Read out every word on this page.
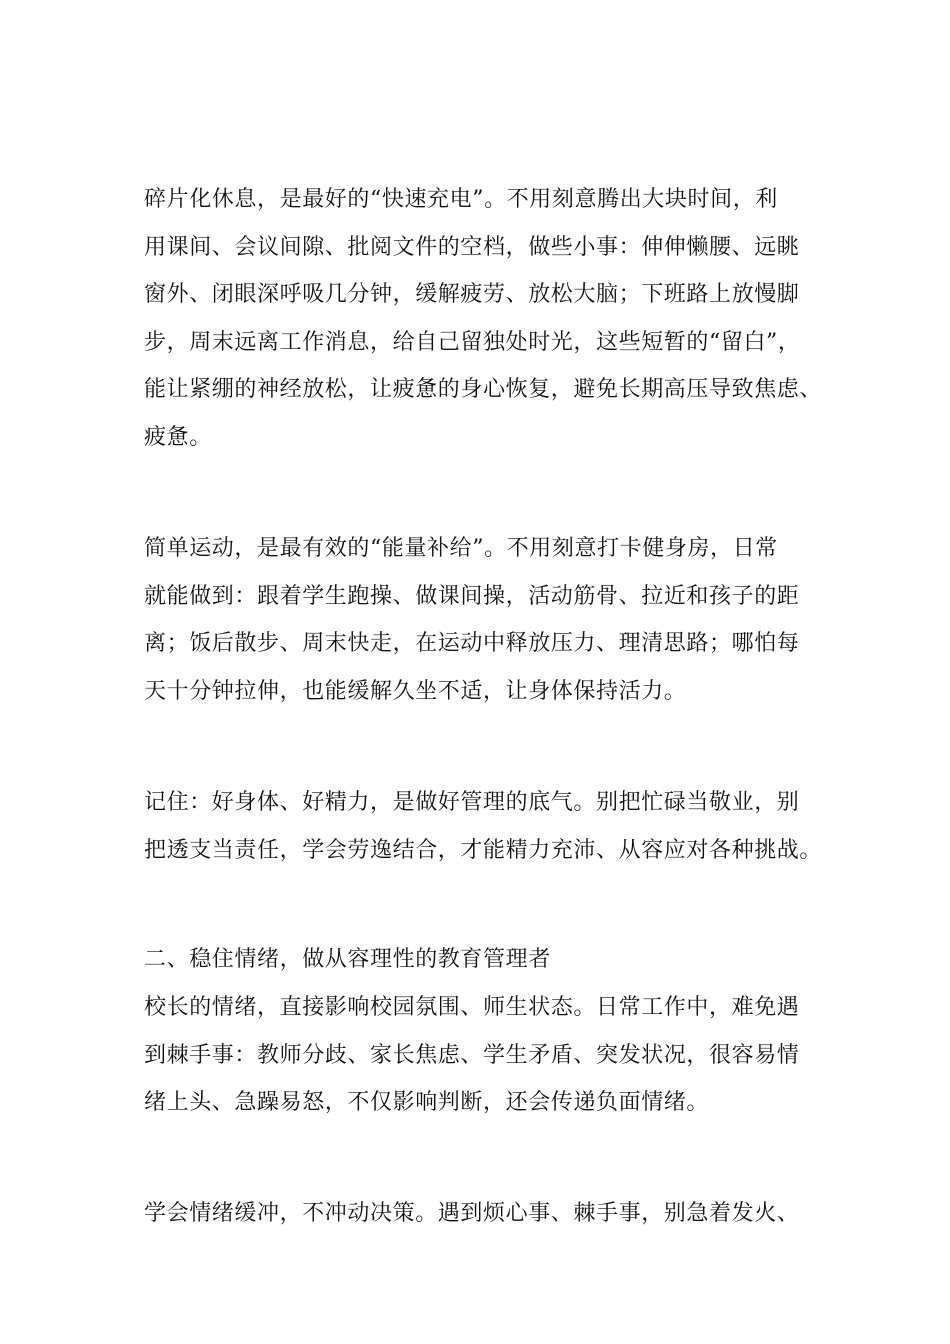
碎片化休息，是最好的“快速充电”。不用刻意腾出大块时间，利
用课间、会议间隙、批阅文件的空档，做些小事：伸伸懒腰、远眺
窗外、闭眼深呼吸几分钟，缓解疲劳、放松大脑；下班路上放慢脚
步，周末远离工作消息，给自己留独处时光，这些短暂的“留白”，
能让紧绷的神经放松，让疲惫的身心恢复，避免长期高压导致焦虑、
疲惫。

简单运动，是最有效的“能量补给”。不用刻意打卡健身房，日常
就能做到：跟着学生跑操、做课间操，活动筋骨、拉近和孩子的距
离；饭后散步、周末快走，在运动中释放压力、理清思路；哪怕每
天十分钟拉伸，也能缓解久坐不适，让身体保持活力。

记住：好身体、好精力，是做好管理的底气。别把忙碌当敬业，别
把透支当责任，学会劳逸结合，才能精力充沛、从容应对各种挑战。

二、稳住情绪，做从容理性的教育管理者

校长的情绪，直接影响校园氛围、师生状态。日常工作中，难免遇
到棘手事：教师分歧、家长焦虑、学生矛盾、突发状况，很容易情
绪上头、急躁易怒，不仅影响判断，还会传递负面情绪。

学会情绪缓冲，不冲动决策。遇到烦心事、棘手事，别急着发火、
